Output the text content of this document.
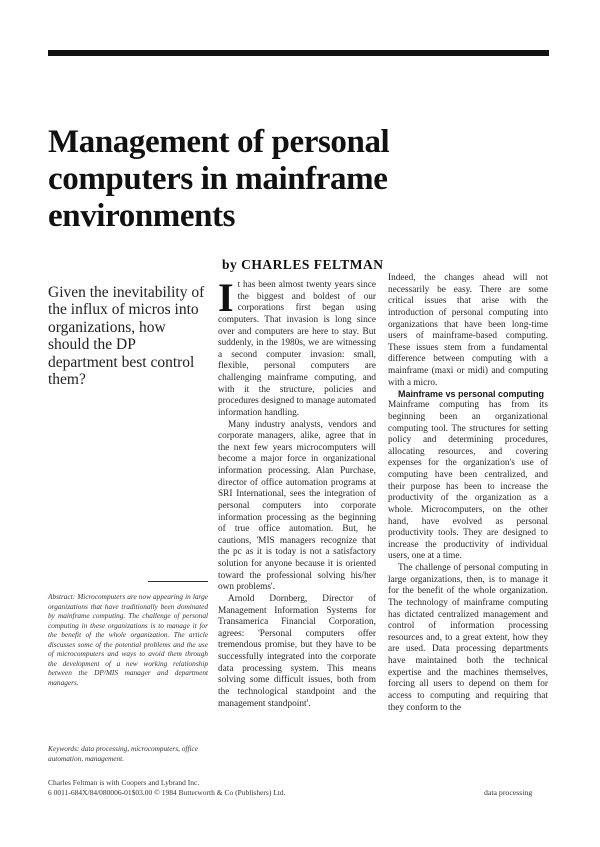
Management of personal computers in mainframe environments

by CHARLES FELTMAN

Given the inevitability of the influx of micros into organizations, how should the DP department best control them?

Abstract: Microcomputers are now appearing in large organizations that have traditionally been dominated by mainframe computing. The challenge of personal computing in these organizations is to manage it for the benefit of the whole organization. The article discusses some of the potential problems and the use of microcomputers and ways to avoid them through the development of a new working relationship between the DP/MIS manager and department managers.

Keywords: data processing, microcomputers, office automation, management.

It has been almost twenty years since the biggest and boldest of our corporations first began using computers. That invasion is long since over and computers are here to stay. But suddenly, in the 1980s, we are witnessing a second computer invasion: small, flexible, personal computers are challenging mainframe computing, and with it the structure, policies and procedures designed to manage automated information handling.

Many industry analysts, vendors and corporate managers, alike, agree that in the next few years microcomputers will become a major force in organizational information processing. Alan Purchase, director of office automation programs at SRI International, sees the integration of personal computers into corporate information processing as the beginning of true office automation. But, he cautions, 'MIS managers recognize that the pc as it is today is not a satisfactory solution for anyone because it is oriented toward the professional solving his/her own problems'.

Arnold Dornberg, Director of Management Information Systems for Transamerica Financial Corporation, agrees: 'Personal computers offer tremendous promise, but they have to be successfully integrated into the corporate data processing system. This means solving some difficult issues, both from the technological standpoint and the management standpoint'.

Indeed, the changes ahead will not necessarily be easy. There are some critical issues that arise with the introduction of personal computing into organizations that have been long-time users of mainframe-based computing. These issues stem from a fundamental difference between computing with a mainframe (maxi or midi) and computing with a micro.

Mainframe vs personal computing

Mainframe computing has from its beginning been an organizational computing tool. The structures for setting policy and determining procedures, allocating resources, and covering expenses for the organization's use of computing have been centralized, and their purpose has been to increase the productivity of the organization as a whole. Microcomputers, on the other hand, have evolved as personal productivity tools. They are designed to increase the productivity of individual users, one at a time.

The challenge of personal computing in large organizations, then, is to manage it for the benefit of the whole organization. The technology of mainframe computing has dictated centralized management and control of information processing resources and, to a great extent, how they are used. Data processing departments have maintained both the technical expertise and the machines themselves, forcing all users to depend on them for access to computing and requiring that they conform to the

Charles Feltman is with Coopers and Lybrand Inc.

6 0011-684X/84/080006-01$03.00 © 1984 Butterworth & Co (Publishers) Ltd.	data processing
